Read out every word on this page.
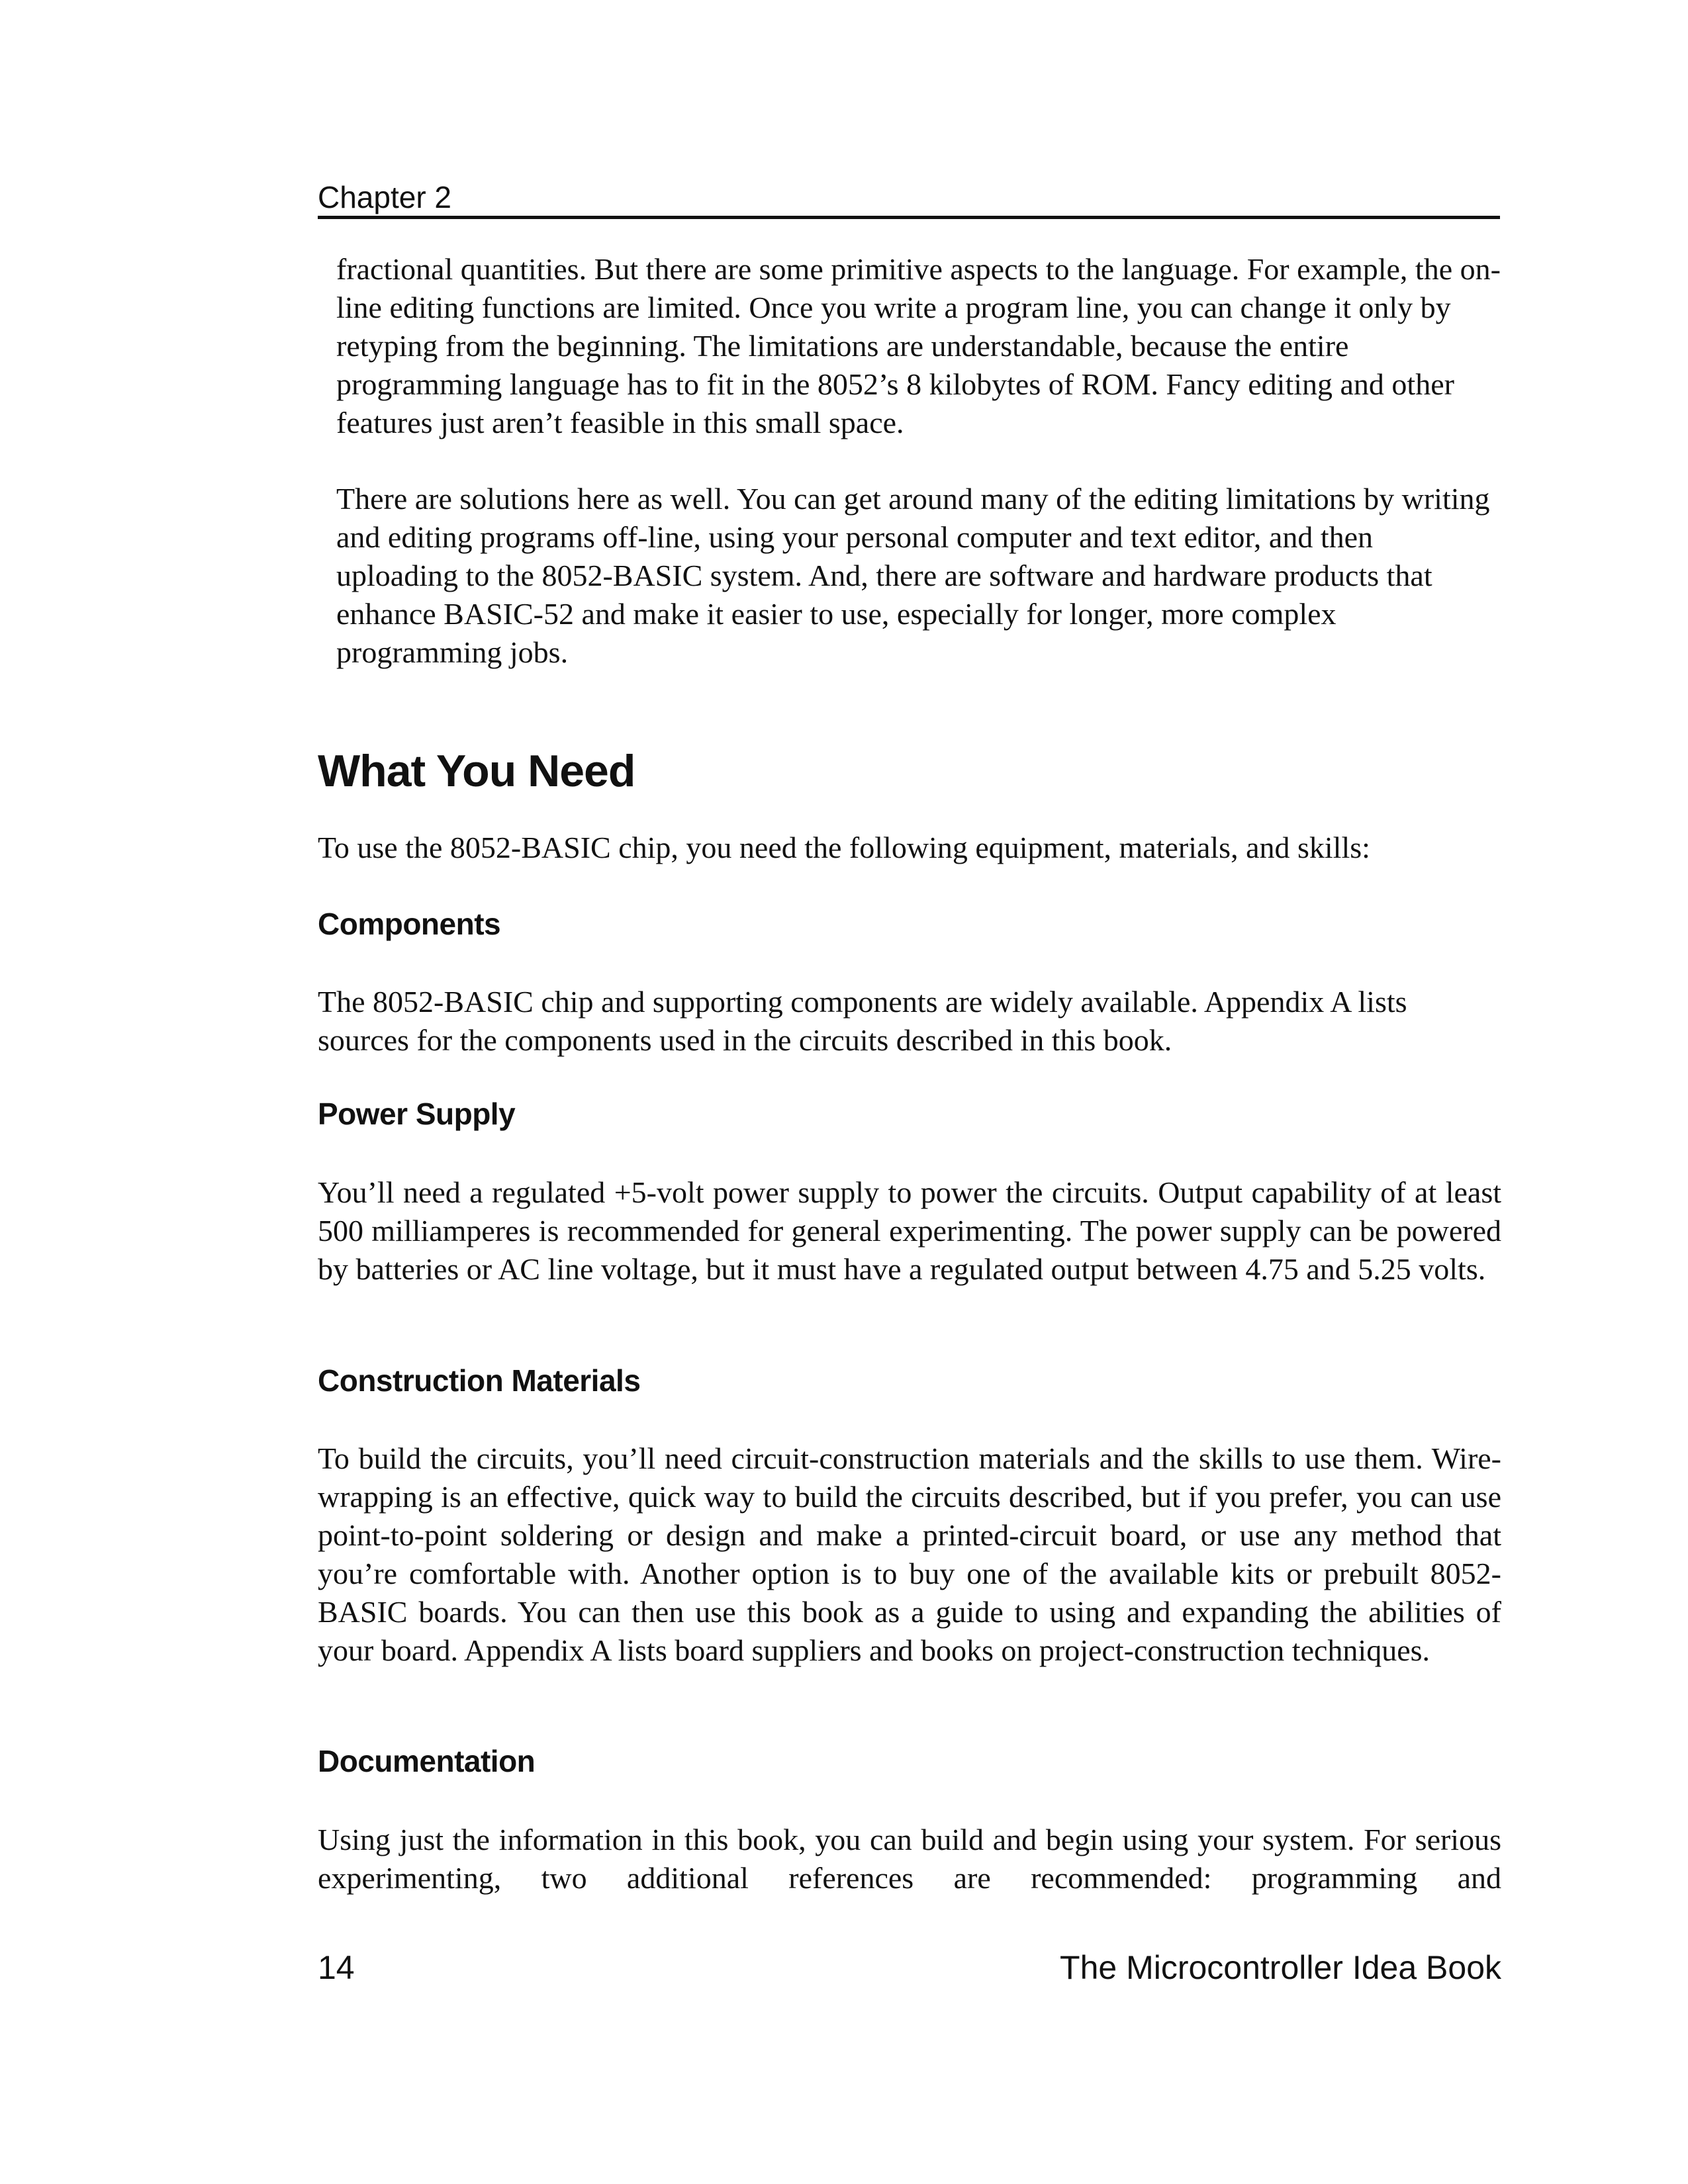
Chapter 2

fractional quantities. But there are some primitive aspects to the language. For example, the on-line editing functions are limited. Once you write a program line, you can change it only by retyping from the beginning. The limitations are understandable, because the entire programming language has to fit in the 8052’s 8 kilobytes of ROM. Fancy editing and other features just aren’t feasible in this small space.

There are solutions here as well. You can get around many of the editing limitations by writing and editing programs off-line, using your personal computer and text editor, and then uploading to the 8052-BASIC system. And, there are software and hardware products that enhance BASIC-52 and make it easier to use, especially for longer, more complex programming jobs.

What You Need

To use the 8052-BASIC chip, you need the following equipment, materials, and skills:

Components

The 8052-BASIC chip and supporting components are widely available. Appendix A lists sources for the components used in the circuits described in this book.

Power Supply

You’ll need a regulated +5-volt power supply to power the circuits. Output capability of at least 500 milliamperes is recommended for general experimenting. The power supply can be powered by batteries or AC line voltage, but it must have a regulated output between 4.75 and 5.25 volts.

Construction Materials

To build the circuits, you’ll need circuit-construction materials and the skills to use them. Wire-wrapping is an effective, quick way to build the circuits described, but if you prefer, you can use point-to-point soldering or design and make a printed-circuit board, or use any method that you’re comfortable with. Another option is to buy one of the available kits or prebuilt 8052-BASIC boards. You can then use this book as a guide to using and expanding the abilities of your board. Appendix A lists board suppliers and books on project-construction techniques.

Documentation

Using just the information in this book, you can build and begin using your system. For serious experimenting, two additional references are recommended: programming and

14	The Microcontroller Idea Book
